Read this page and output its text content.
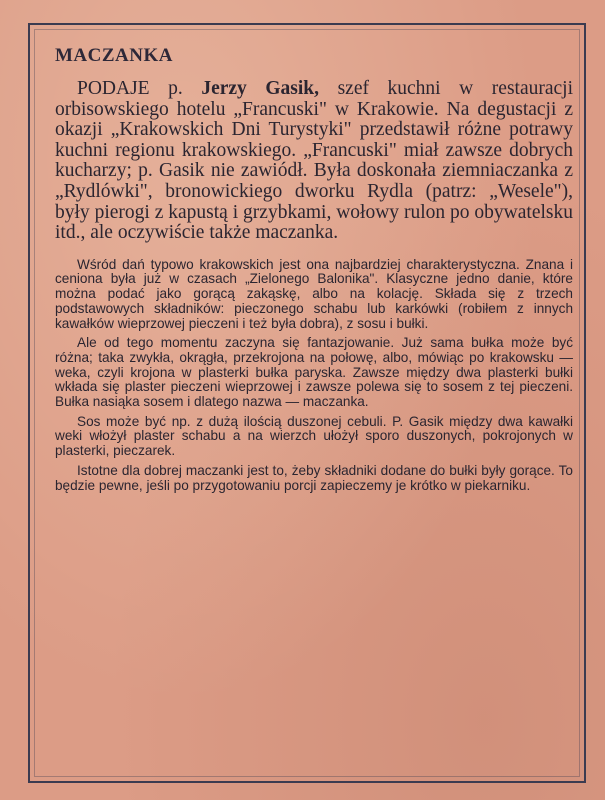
MACZANKA

PODAJE p. Jerzy Gasik, szef kuchni w restauracji orbisowskiego hotelu „Francuski" w Krakowie. Na degustacji z okazji „Krakowskich Dni Turystyki" przedstawił różne potrawy kuchni regionu krakowskiego. „Francuski" miał zawsze dobrych kucharzy; p. Gasik nie zawiódł. Była doskonała ziemniaczanka z „Rydlówki", bronowickiego dworku Rydla (patrz: „Wesele"), były pierogi z kapustą i grzybkami, wołowy rulon po obywatelsku itd., ale oczywiście także maczanka.

Wśród dań typowo krakowskich jest ona najbardziej charakterystyczna. Znana i ceniona była już w czasach „Zielonego Balonika". Klasyczne jedno danie, które można podać jako gorącą zakąskę, albo na kolację. Składa się z trzech podstawowych składników: pieczonego schabu lub karkówki (robiłem z innych kawałków wieprzowej pieczeni i też była dobra), z sosu i bułki.

Ale od tego momentu zaczyna się fantazjowanie. Już sama bułka może być różna; taka zwykła, okrągła, przekrojona na połowę, albo, mówiąc po krakowsku — weka, czyli krojona w plasterki bułka paryska. Zawsze między dwa plasterki bułki wkłada się plaster pieczeni wieprzowej i zawsze polewa się to sosem z tej pieczeni. Bułka nasiąka sosem i dlatego nazwa — maczanka.

Sos może być np. z dużą ilością duszonej cebuli. P. Gasik między dwa kawałki weki włożył plaster schabu a na wierzch ułożył sporo duszonych, pokrojonych w plasterki, pieczarek.

Istotne dla dobrej maczanki jest to, żeby składniki dodane do bułki były gorące. To będzie pewne, jeśli po przygotowaniu porcji zapieczemy je krótko w piekarniku.
